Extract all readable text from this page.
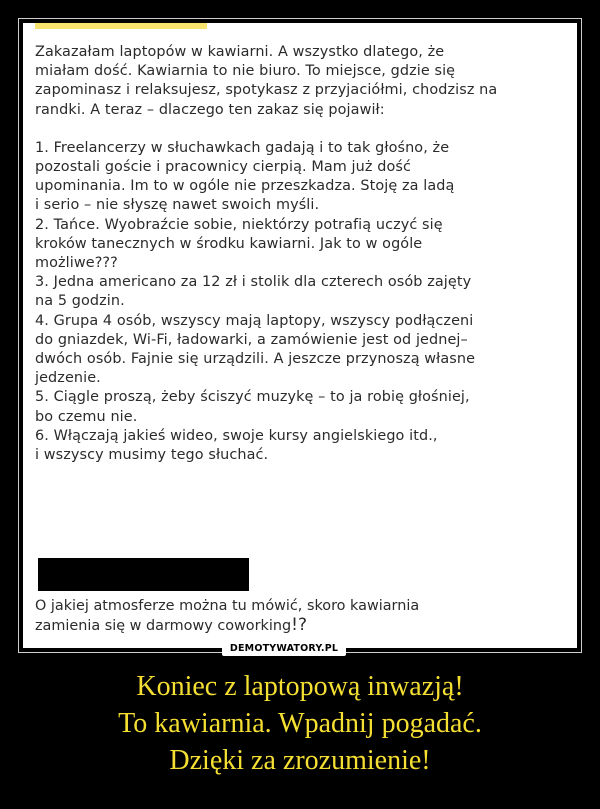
Zakazałam laptopów w kawiarni. A wszystko dlatego, że
miałam dość. Kawiarnia to nie biuro. To miejsce, gdzie się
zapominasz i relaksujesz, spotykasz z przyjaciółmi, chodzisz na
randki. A teraz – dlaczego ten zakaz się pojawił:

1. Freelancerzy w słuchawkach gadają i to tak głośno, że
pozostali goście i pracownicy cierpią. Mam już dość
upominania. Im to w ogóle nie przeszkadza. Stoję za ladą
i serio – nie słyszę nawet swoich myśli.

2. Tańce. Wyobraźcie sobie, niektórzy potrafią uczyć się
kroków tanecznych w środku kawiarni. Jak to w ogóle
możliwe???

3. Jedna americano za 12 zł i stolik dla czterech osób zajęty
na 5 godzin.

4. Grupa 4 osób, wszyscy mają laptopy, wszyscy podłączeni
do gniazdek, Wi-Fi, ładowarki, a zamówienie jest od jednej–
dwóch osób. Fajnie się urządzili. A jeszcze przynoszą własne
jedzenie.

5. Ciągle proszą, żeby ściszyć muzykę – to ja robię głośniej,
bo czemu nie.

6. Włączają jakieś wideo, swoje kursy angielskiego itd.,
i wszyscy musimy tego słuchać.

O jakiej atmosferze można tu mówić, skoro kawiarnia
zamienia się w darmowy coworking!?
DEMOTYWATORY.PL
Koniec z laptopową inwazją!
To kawiarnia. Wpadnij pogadać.
Dzięki za zrozumienie!
